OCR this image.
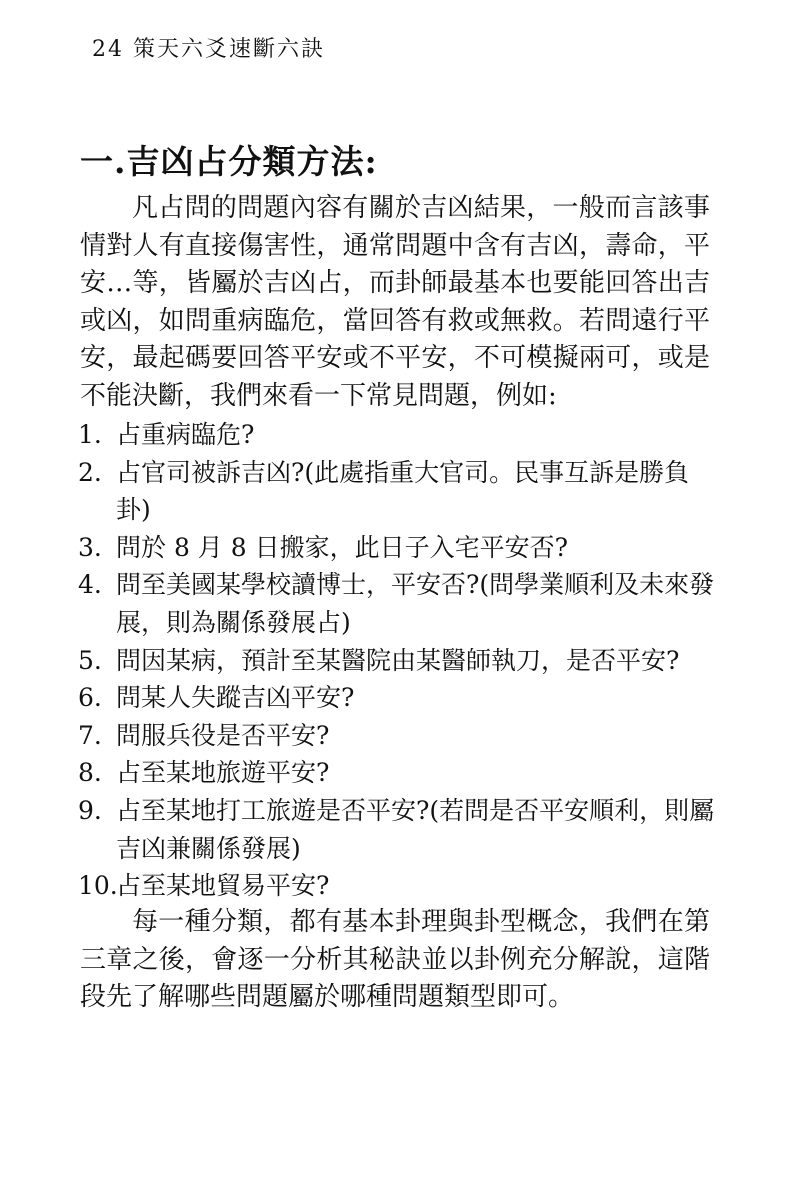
24 策天六爻速斷六訣
一.吉凶占分類方法:

凡占問的問題內容有關於吉凶結果，一般而言該事情對人有直接傷害性，通常問題中含有吉凶，壽命，平安…等，皆屬於吉凶占，而卦師最基本也要能回答出吉或凶，如問重病臨危，當回答有救或無救。若問遠行平安，最起碼要回答平安或不平安，不可模擬兩可，或是不能決斷，我們來看一下常見問題，例如:

1. 占重病臨危?
2. 占官司被訴吉凶?(此處指重大官司。民事互訴是勝負卦)
3. 問於 8 月 8 日搬家，此日子入宅平安否?
4. 問至美國某學校讀博士，平安否?(問學業順利及未來發展，則為關係發展占)
5. 問因某病，預計至某醫院由某醫師執刀，是否平安?
6. 問某人失蹤吉凶平安?
7. 問服兵役是否平安?
8. 占至某地旅遊平安?
9. 占至某地打工旅遊是否平安?(若問是否平安順利，則屬吉凶兼關係發展)
10.
占至某地貿易平安?

每一種分類，都有基本卦理與卦型概念，我們在第三章之後，會逐一分析其秘訣並以卦例充分解說，這階段先了解哪些問題屬於哪種問題類型即可。
